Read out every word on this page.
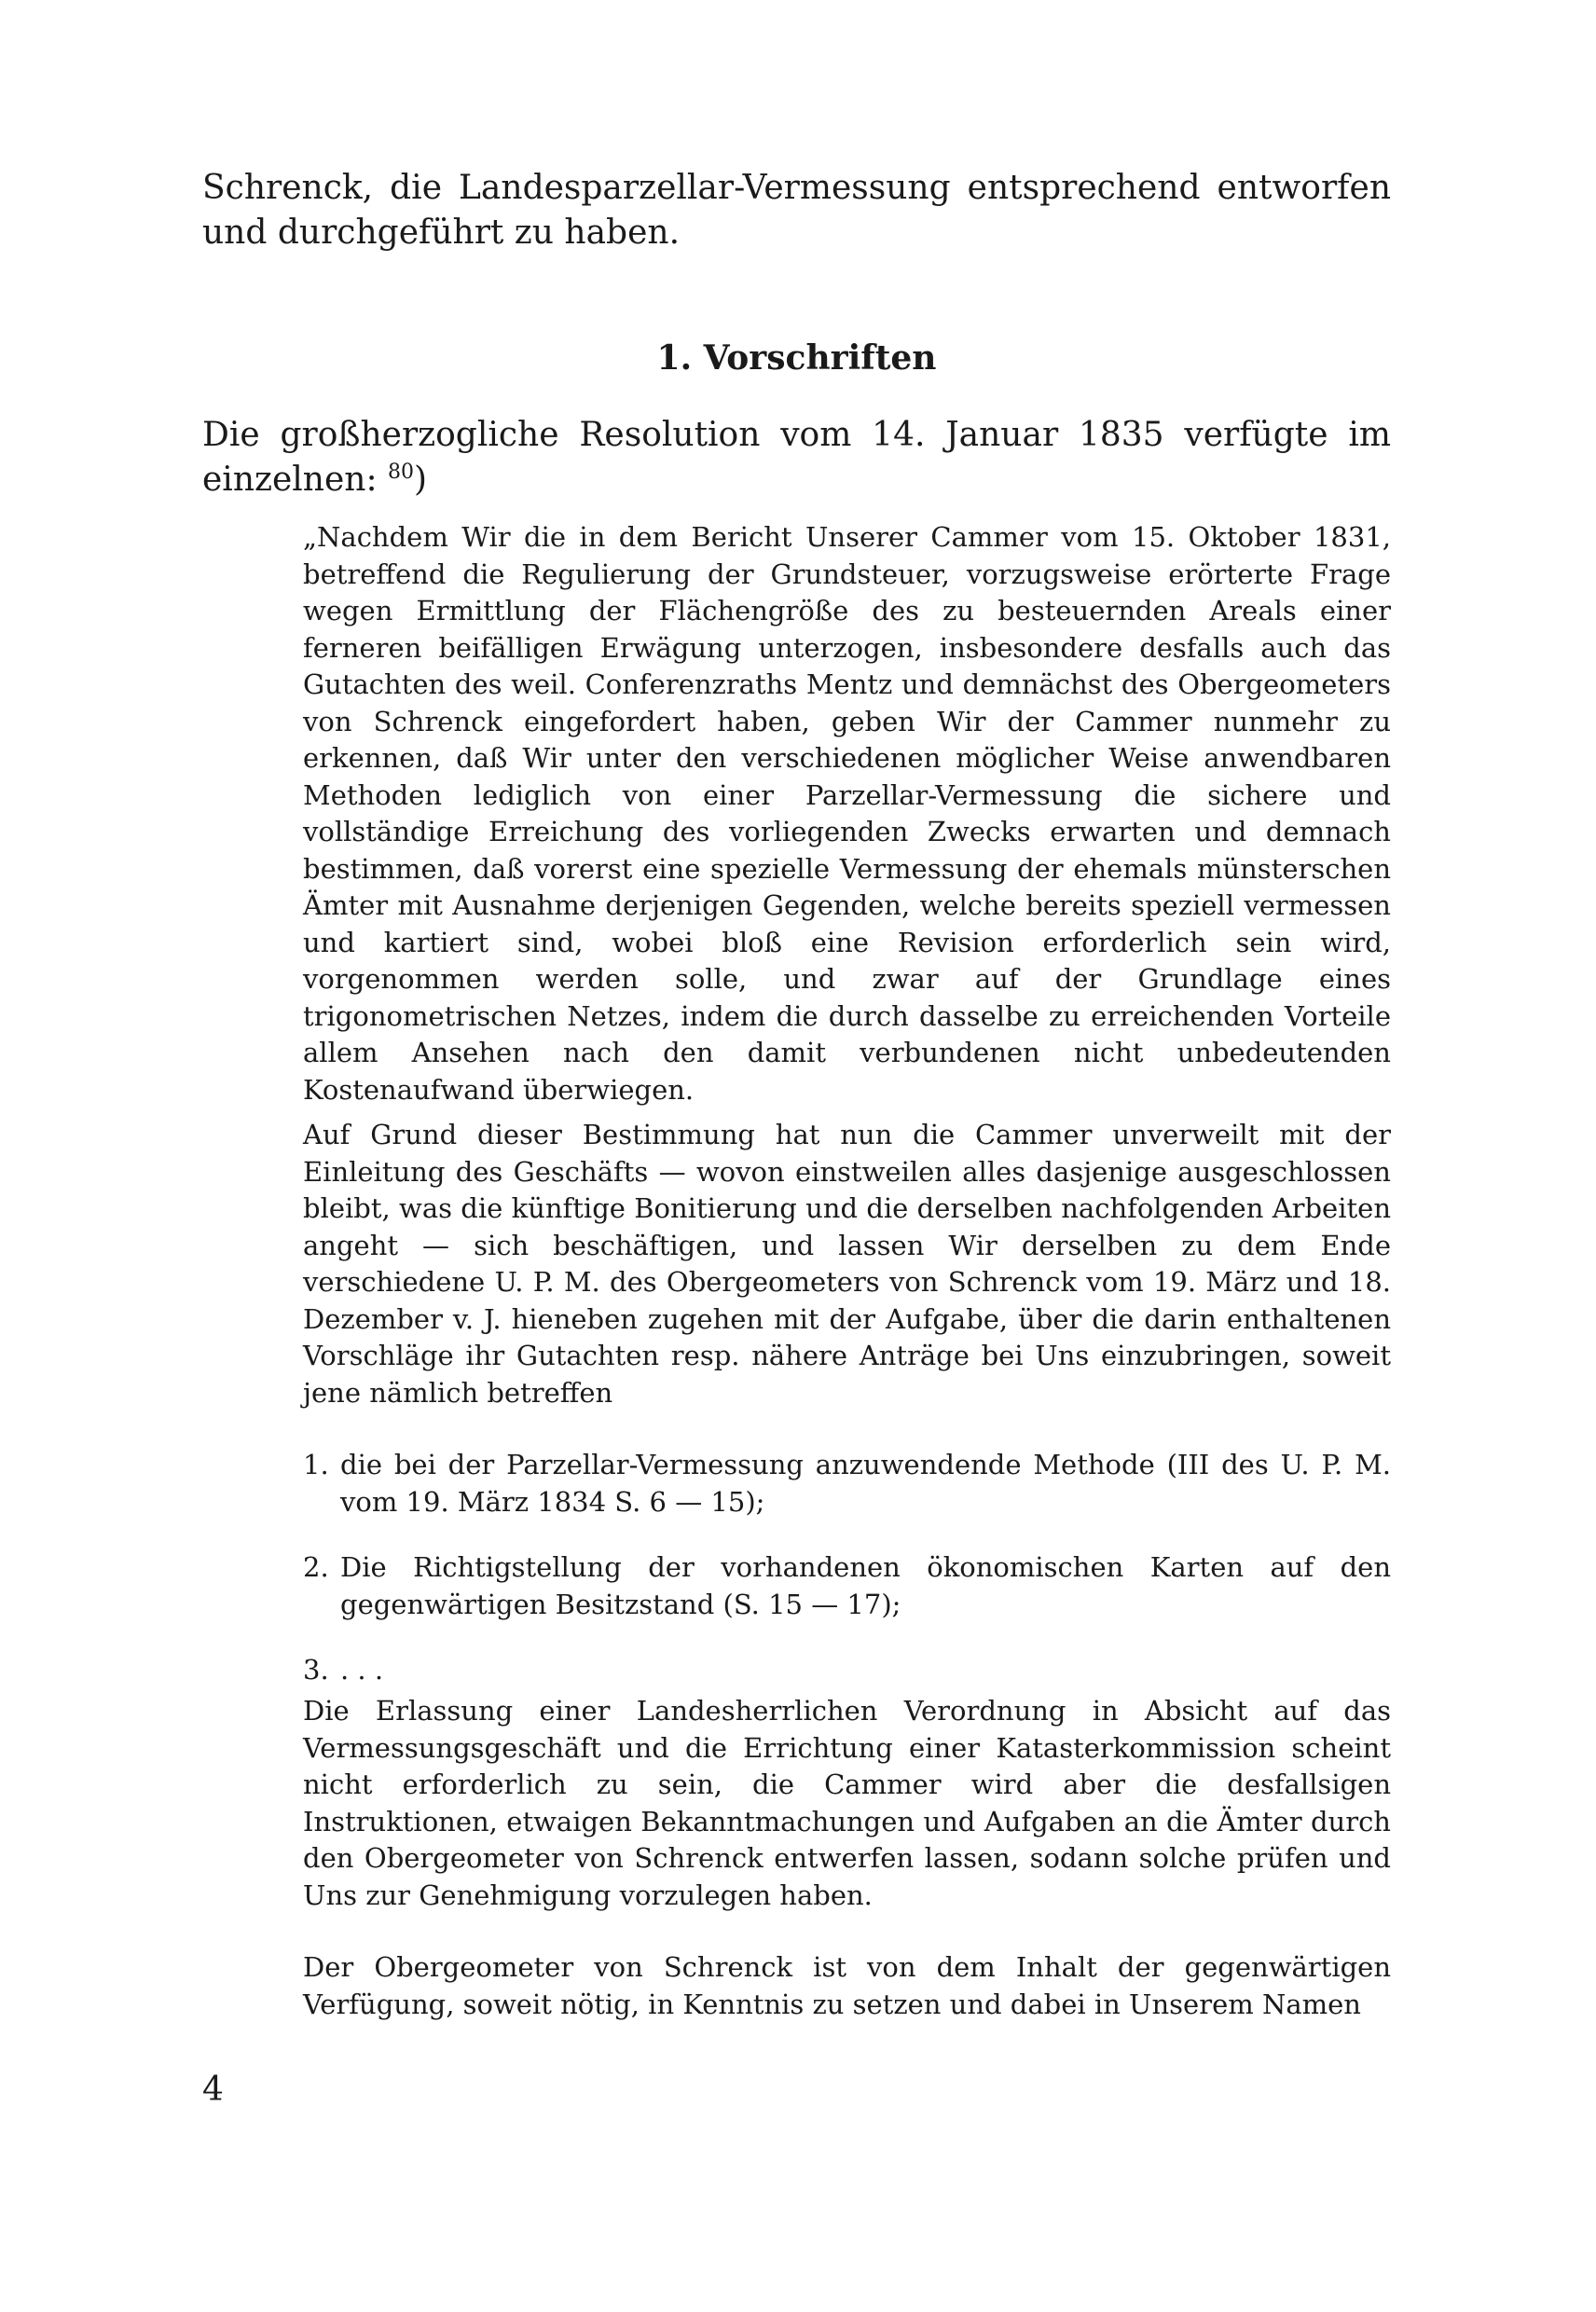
Schrenck, die Landesparzellar-Vermessung entsprechend entworfen und durchgeführt zu haben.

1. Vorschriften

Die großherzogliche Resolution vom 14. Januar 1835 verfügte im einzelnen: $^{80}$)

„Nachdem Wir die in dem Bericht Unserer Cammer vom 15. Oktober 1831, betreffend die Regulierung der Grundsteuer, vorzugsweise erörterte Frage wegen Ermittlung der Flächengröße des zu besteuernden Areals einer ferneren beifälligen Erwägung unterzogen, insbesondere desfalls auch das Gutachten des weil. Conferenzraths Mentz und demnächst des Obergeometers von Schrenck eingefordert haben, geben Wir der Cammer nunmehr zu erkennen, daß Wir unter den verschiedenen möglicher Weise anwendbaren Methoden lediglich von einer Parzellar-Vermessung die sichere und vollständige Erreichung des vorliegenden Zwecks erwarten und demnach bestimmen, daß vorerst eine spezielle Vermessung der ehemals münsterschen Ämter mit Ausnahme derjenigen Gegenden, welche bereits speziell vermessen und kartiert sind, wobei bloß eine Revision erforderlich sein wird, vorgenommen werden solle, und zwar auf der Grundlage eines trigonometrischen Netzes, indem die durch dasselbe zu erreichenden Vorteile allem Ansehen nach den damit verbundenen nicht unbedeutenden Kostenaufwand überwiegen.

Auf Grund dieser Bestimmung hat nun die Cammer unverweilt mit der Einleitung des Geschäfts — wovon einstweilen alles dasjenige ausgeschlossen bleibt, was die künftige Bonitierung und die derselben nachfolgenden Arbeiten angeht — sich beschäftigen, und lassen Wir derselben zu dem Ende verschiedene U. P. M. des Obergeometers von Schrenck vom 19. März und 18. Dezember v. J. hieneben zugehen mit der Aufgabe, über die darin enthaltenen Vorschläge ihr Gutachten resp. nähere Anträge bei Uns einzubringen, soweit jene nämlich betreffen

1. die bei der Parzellar-Vermessung anzuwendende Methode (III des U. P. M. vom 19. März 1834 S. 6 — 15);

2. Die Richtigstellung der vorhandenen ökonomischen Karten auf den gegenwärtigen Besitzstand (S. 15 — 17);

3. . . .

Die Erlassung einer Landesherrlichen Verordnung in Absicht auf das Vermessungsgeschäft und die Errichtung einer Katasterkommission scheint nicht erforderlich zu sein, die Cammer wird aber die desfallsigen Instruktionen, etwaigen Bekanntmachungen und Aufgaben an die Ämter durch den Obergeometer von Schrenck entwerfen lassen, sodann solche prüfen und Uns zur Genehmigung vorzulegen haben.

Der Obergeometer von Schrenck ist von dem Inhalt der gegenwärtigen Verfügung, soweit nötig, in Kenntnis zu setzen und dabei in Unserem Namen

4
